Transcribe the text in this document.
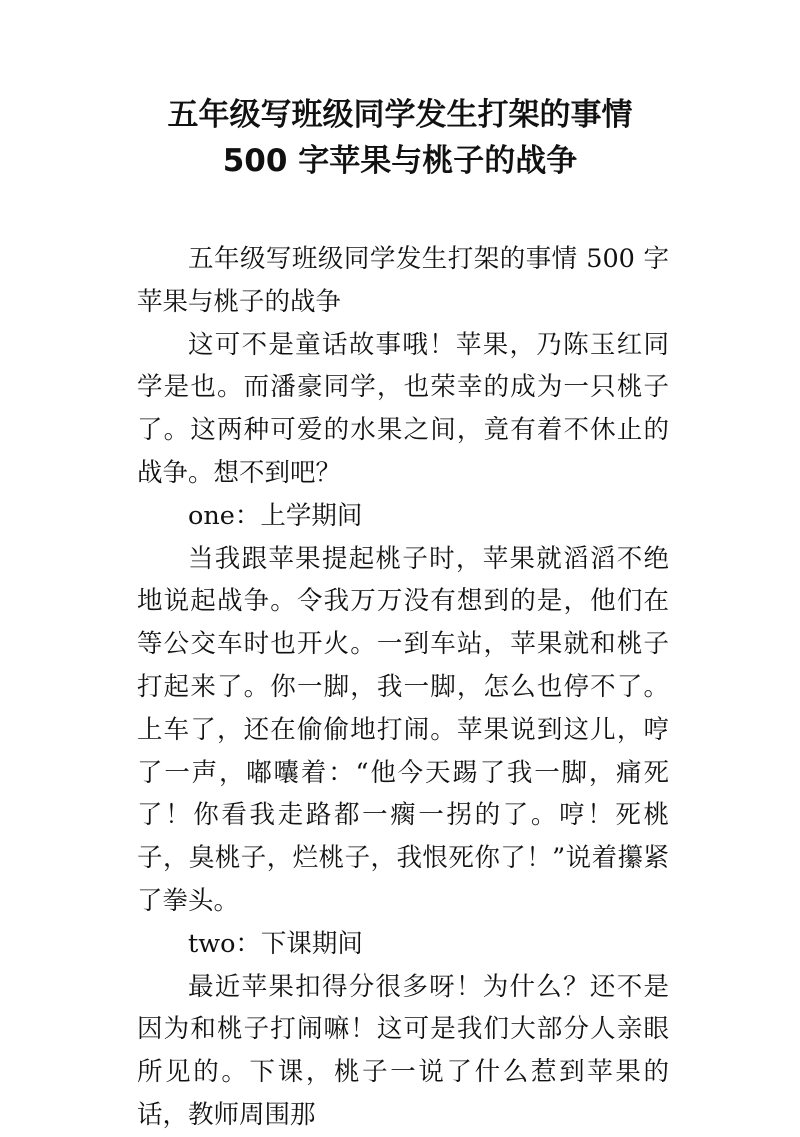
五年级写班级同学发生打架的事情
500 字苹果与桃子的战争

五年级写班级同学发生打架的事情 500 字苹果与桃子的战争

这可不是童话故事哦！苹果，乃陈玉红同学是也。而潘豪同学，也荣幸的成为一只桃子了。这两种可爱的水果之间，竟有着不休止的战争。想不到吧？

one：上学期间

当我跟苹果提起桃子时，苹果就滔滔不绝地说起战争。令我万万没有想到的是，他们在等公交车时也开火。一到车站，苹果就和桃子打起来了。你一脚，我一脚，怎么也停不了。上车了，还在偷偷地打闹。苹果说到这儿，哼了一声，嘟囔着：“他今天踢了我一脚，痛死了！你看我走路都一瘸一拐的了。哼！死桃子，臭桃子，烂桃子，我恨死你了！”说着攥紧了拳头。

two：下课期间

最近苹果扣得分很多呀！为什么？还不是因为和桃子打闹嘛！这可是我们大部分人亲眼所见的。下课，桃子一说了什么惹到苹果的话，教师周围那
